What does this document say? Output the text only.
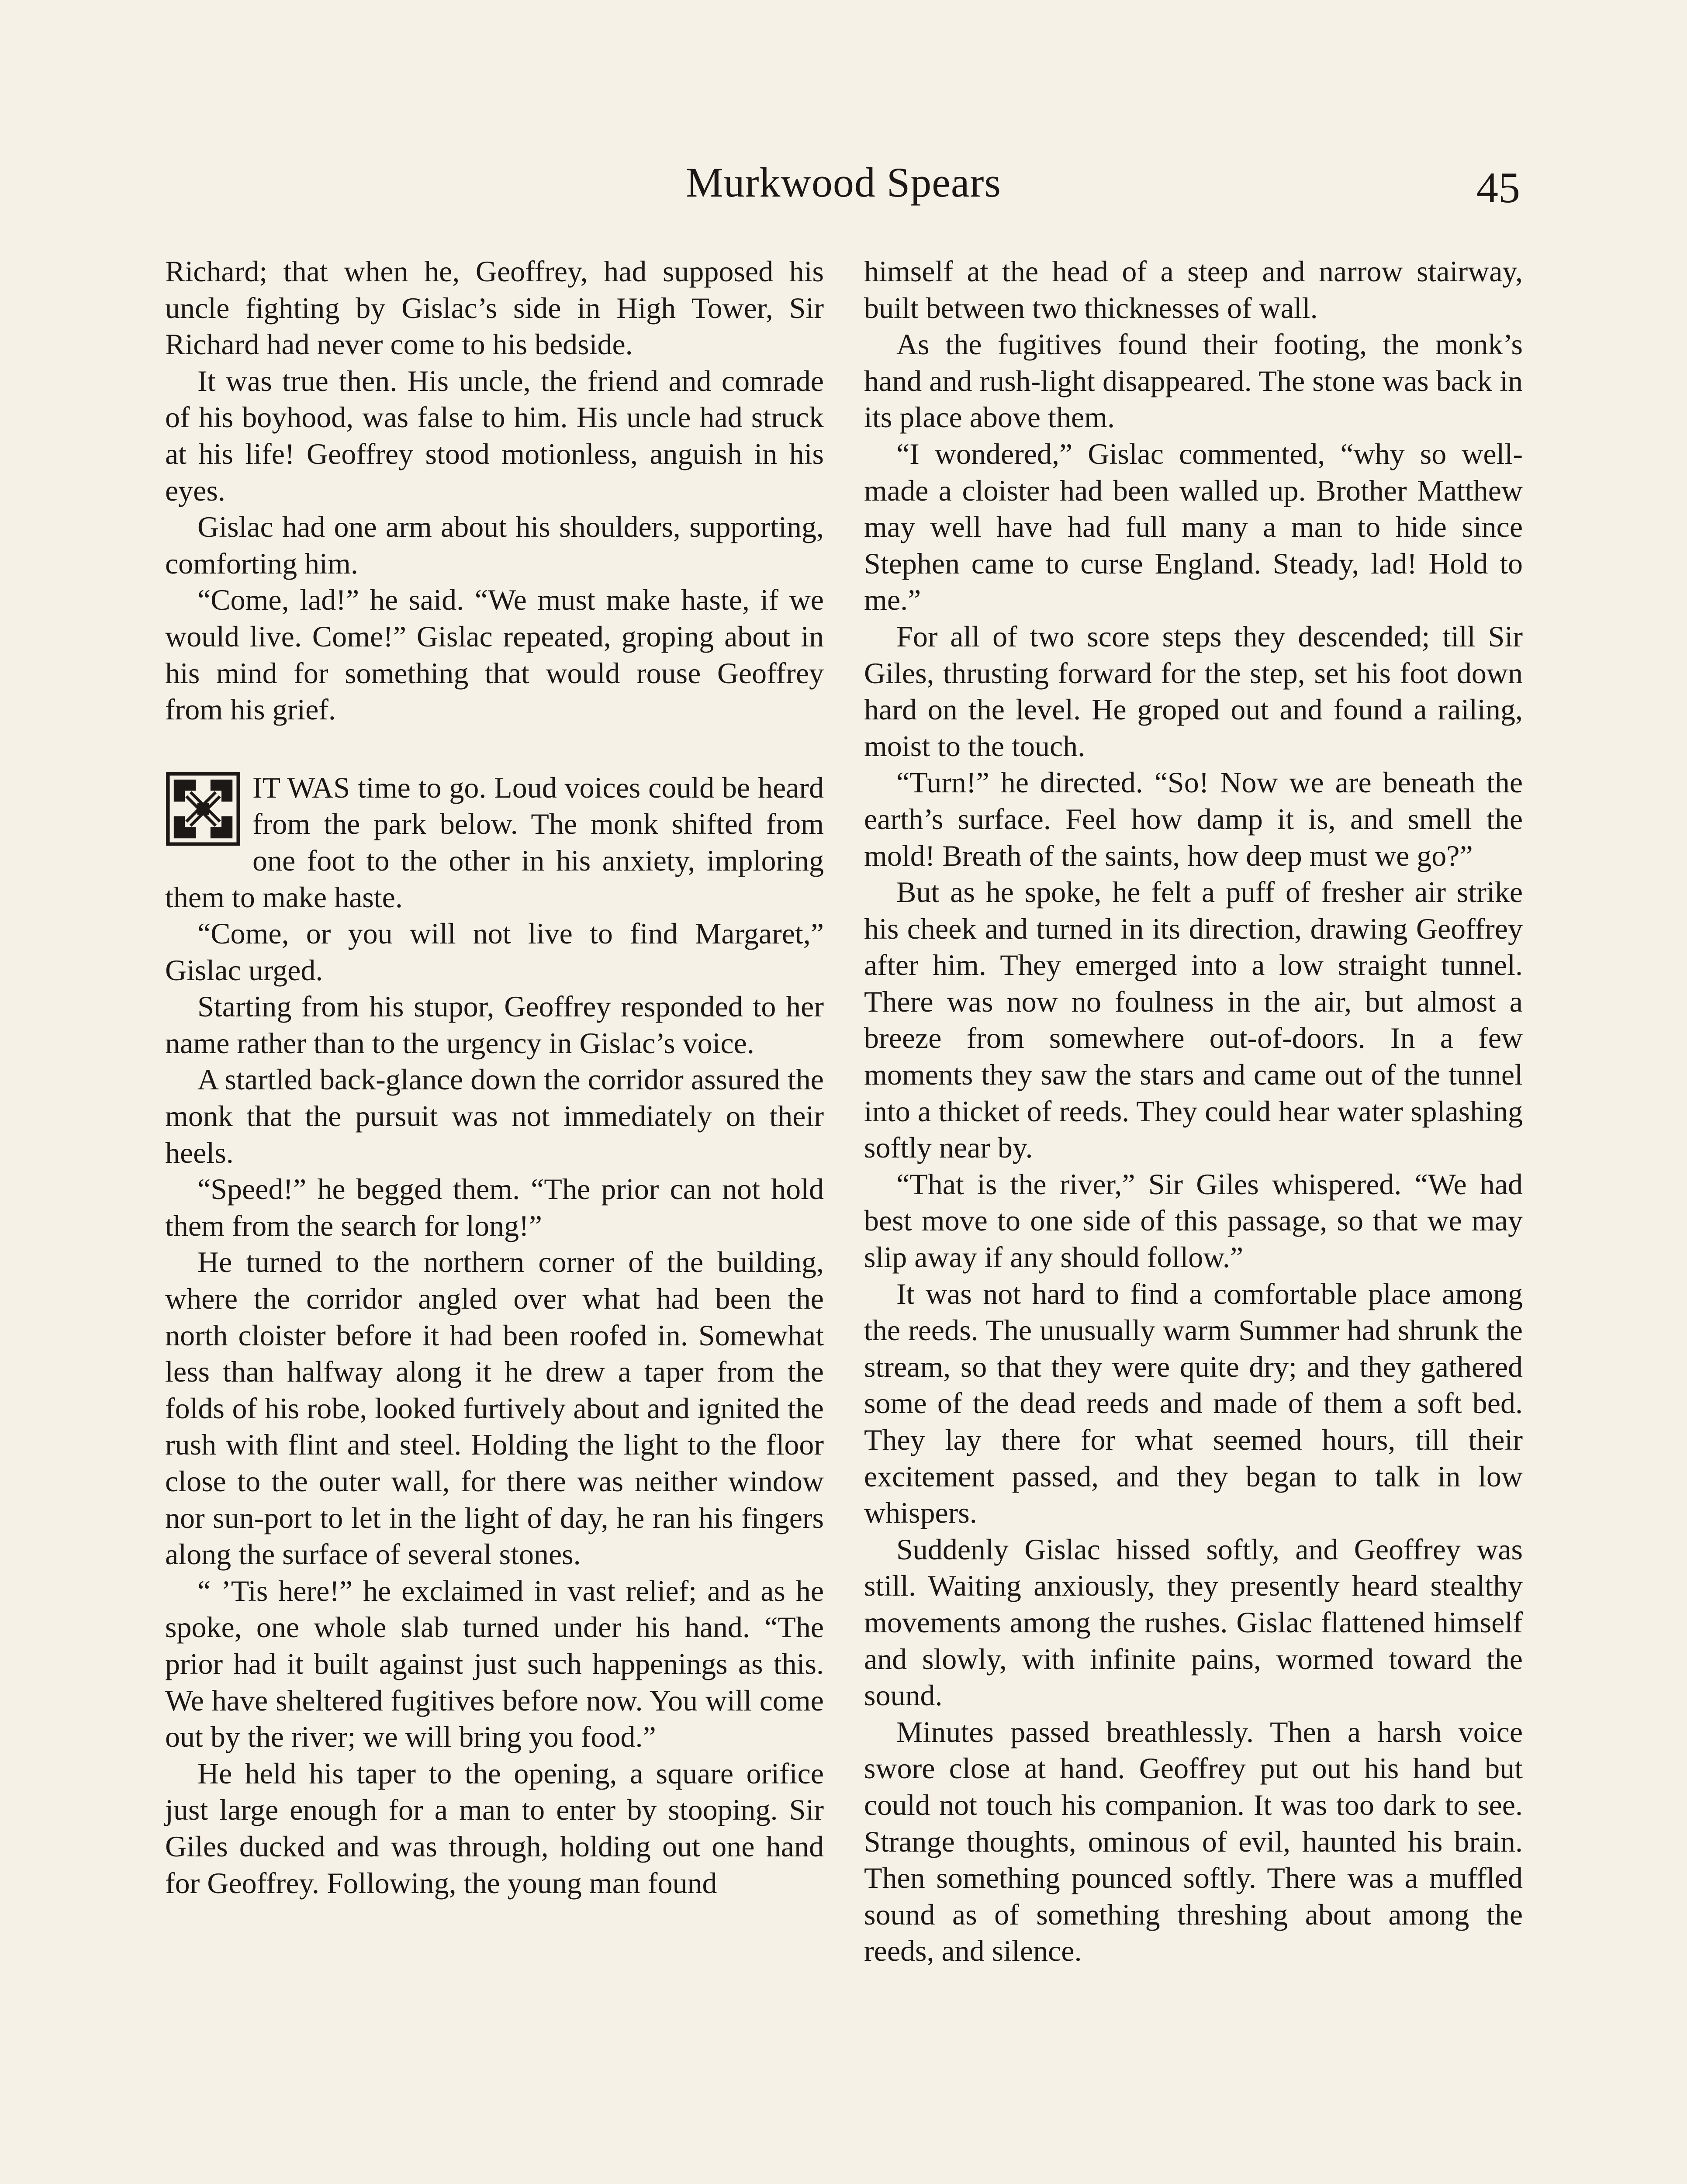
Murkwood Spears	45

Richard; that when he, Geoffrey, had supposed his uncle fighting by Gislac’s side in High Tower, Sir Richard had never come to his bedside.

It was true then. His uncle, the friend and comrade of his boyhood, was false to him. His uncle had struck at his life! Geoffrey stood motionless, anguish in his eyes.

Gislac had one arm about his shoulders, supporting, comforting him.

“Come, lad!” he said. “We must make haste, if we would live. Come!” Gislac repeated, groping about in his mind for something that would rouse Geoffrey from his grief.

IT WAS time to go. Loud voices could be heard from the park below. The monk shifted from one foot to the other in his anxiety, imploring them to make haste.

“Come, or you will not live to find Margaret,” Gislac urged.

Starting from his stupor, Geoffrey responded to her name rather than to the urgency in Gislac’s voice.

A startled back-glance down the corridor assured the monk that the pursuit was not immediately on their heels.

“Speed!” he begged them. “The prior can not hold them from the search for long!”

He turned to the northern corner of the building, where the corridor angled over what had been the north cloister before it had been roofed in. Somewhat less than halfway along it he drew a taper from the folds of his robe, looked furtively about and ignited the rush with flint and steel. Holding the light to the floor close to the outer wall, for there was neither window nor sun-port to let in the light of day, he ran his fingers along the surface of several stones.

“ ’Tis here!” he exclaimed in vast relief; and as he spoke, one whole slab turned under his hand. “The prior had it built against just such happenings as this. We have sheltered fugitives before now. You will come out by the river; we will bring you food.”

He held his taper to the opening, a square orifice just large enough for a man to enter by stooping. Sir Giles ducked and was through, holding out one hand for Geoffrey. Following, the young man found

himself at the head of a steep and narrow stairway, built between two thicknesses of wall.

As the fugitives found their footing, the monk’s hand and rush-light disappeared. The stone was back in its place above them.

“I wondered,” Gislac commented, “why so well-made a cloister had been walled up. Brother Matthew may well have had full many a man to hide since Stephen came to curse England. Steady, lad! Hold to me.”

For all of two score steps they descended; till Sir Giles, thrusting forward for the step, set his foot down hard on the level. He groped out and found a railing, moist to the touch.

“Turn!” he directed. “So! Now we are beneath the earth’s surface. Feel how damp it is, and smell the mold! Breath of the saints, how deep must we go?”

But as he spoke, he felt a puff of fresher air strike his cheek and turned in its direction, drawing Geoffrey after him. They emerged into a low straight tunnel. There was now no foulness in the air, but almost a breeze from somewhere out-of-doors. In a few moments they saw the stars and came out of the tunnel into a thicket of reeds. They could hear water splashing softly near by.

“That is the river,” Sir Giles whispered. “We had best move to one side of this passage, so that we may slip away if any should follow.”

It was not hard to find a comfortable place among the reeds. The unusually warm Summer had shrunk the stream, so that they were quite dry; and they gathered some of the dead reeds and made of them a soft bed. They lay there for what seemed hours, till their excitement passed, and they began to talk in low whispers.

Suddenly Gislac hissed softly, and Geoffrey was still. Waiting anxiously, they presently heard stealthy movements among the rushes. Gislac flattened himself and slowly, with infinite pains, wormed toward the sound.

Minutes passed breathlessly. Then a harsh voice swore close at hand. Geoffrey put out his hand but could not touch his companion. It was too dark to see. Strange thoughts, ominous of evil, haunted his brain. Then something pounced softly. There was a muffled sound as of something threshing about among the reeds, and silence.
